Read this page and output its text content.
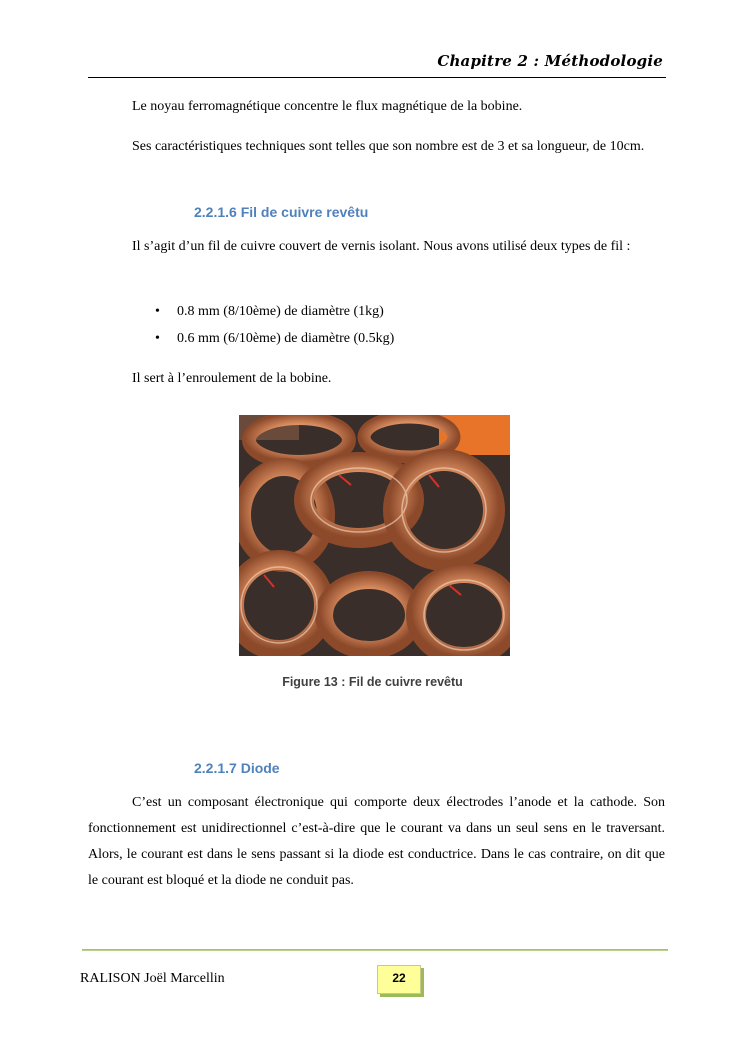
Chapitre 2 : Méthodologie

Le noyau ferromagnétique concentre le flux magnétique de la bobine.

Ses caractéristiques techniques sont telles que son nombre est de 3 et sa longueur, de 10cm.

2.2.1.6 Fil de cuivre revêtu

Il s’agit d’un fil de cuivre couvert de vernis isolant. Nous avons utilisé deux types de fil :

• 0.8 mm (8/10ème) de diamètre (1kg)
• 0.6 mm (6/10ème) de diamètre (0.5kg)

Il sert à l’enroulement de la bobine.

Figure 13 : Fil de cuivre revêtu
2.2.1.7 Diode

C’est un composant électronique qui comporte deux électrodes l’anode et la cathode. Son fonctionnement est unidirectionnel c’est-à-dire que le courant va dans un seul sens en le traversant. Alors, le courant est dans le sens passant si la diode est conductrice. Dans le cas contraire, on dit que le courant est bloqué et la diode ne conduit pas.

RALISON Joël Marcellin	22
